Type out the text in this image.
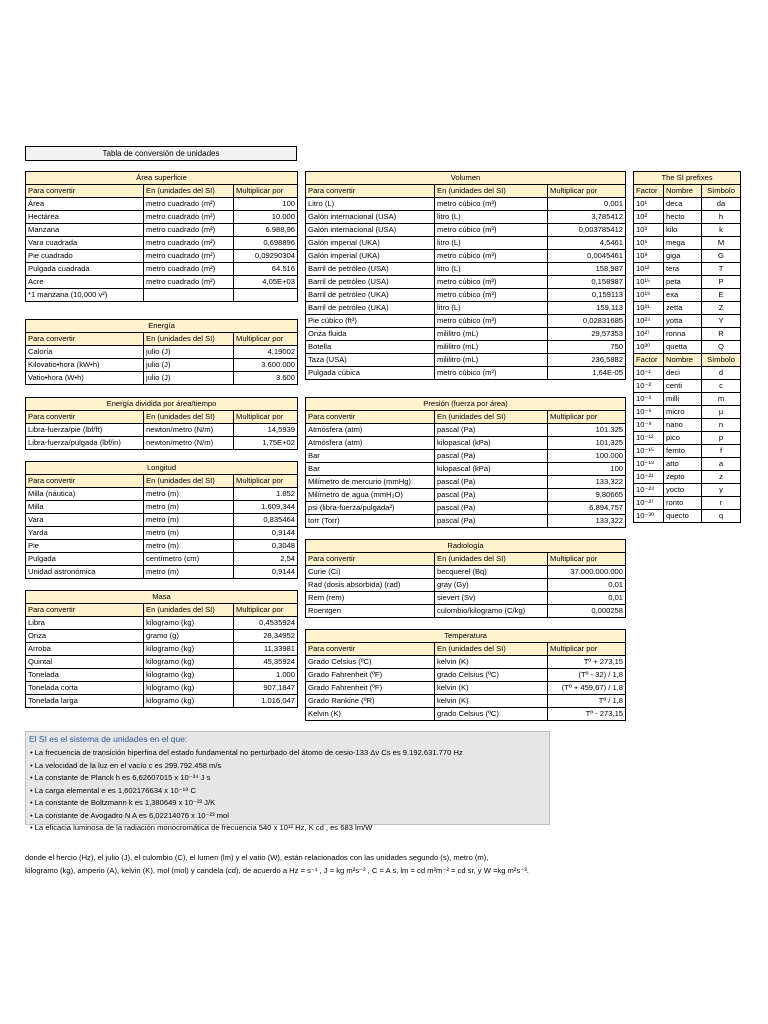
Tabla de conversión de unidades
Área superficie		
Para convertir	En (unidades del SI)	Multiplicar por
Área	metro cuadrado (m²)	100
Hectárea	metro cuadrado (m²)	10.000
Manzana	metro cuadrado (m²)	6.988,96
Vara cuadrada	metro cuadrado (m²)	0,698896
Pie cuadrado	metro cuadrado (m²)	0,09290304
Pulgada cuadrada	metro cuadrado (m²)	64.516
Acre	metro cuadrado (m²)	4,05E+03
*1 manzana (10.000 v²)		
Energía		
Para convertir	En (unidades del SI)	Multiplicar por
Caloría	julio (J)	4,19002
Kilovatio•hora (kW•h)	julio (J)	3.600.000
Vatio•hora (W•h)	julio (J)	3.600
Energía dividida por área/tiempo		
Para convertir	En (unidades del SI)	Multiplicar por
Libra-fuerza/pie (lbf/ft)	newton/metro (N/m)	14,5939
Libra-fuerza/pulgada (lbf/in)	newton/metro (N/m)	1,75E+02
Longitud		
Para convertir	En (unidades del SI)	Multiplicar por
Milla (náutica)	metro (m)	1.852
Milla	metro (m)	1.609,344
Vara	metro (m)	0,835464
Yarda	metro (m)	0,9144
Pie	metro (m)	0,3048
Pulgada	centímetro (cm)	2,54
Unidad astronómica	metro (m)	0,9144
Masa		
Para convertir	En (unidades del SI)	Multiplicar por
Libra	kilogramo (kg)	0,4535924
Onza	gramo (g)	28,34952
Arroba	kilogramo (kg)	11,33981
Quintal	kilogramo (kg)	45,35924
Tonelada	kilogramo (kg)	1.000
Tonelada corta	kilogramo (kg)	907,1847
Tonelada larga	kilogramo (kg)	1.016,047
Volumen		
Para convertir	En (unidades del SI)	Multiplicar por
Litro (L)	metro cúbico (m³)	0,001
Galón internacional (USA)	litro (L)	3,785412
Galón internacional (USA)	metro cúbico (m³)	0,003785412
Galón imperial (UKA)	litro (L)	4,5461
Galón imperial (UKA)	metro cúbico (m³)	0,0045461
Barril de petróleo (USA)	litro (L)	158,987
Barril de petróleo (USA)	metro cúbico (m³)	0,158987
Barril de petróleo (UKA)	metro cúbico (m³)	0,159113
Barril de petróleo (UKA)	litro (L)	159,113
Pie cúbico (ft³)	metro cúbico (m³)	0,02831685
Onza fluida	mililitro (mL)	29,57353
Botella	mililitro (mL)	750
Taza (USA)	mililitro (mL)	236,5882
Pulgada cúbica	metro cúbico (m³)	1,64E-05
Presión (fuerza por área)		
Para convertir	En (unidades del SI)	Multiplicar por
Atmósfera (atm)	pascal (Pa)	101.325
Atmósfera (atm)	kilopascal (kPa)	101,325
Bar	pascal (Pa)	100.000
Bar	kilopascal (kPa)	100
Milímetro de mercurio (mmHg)	pascal (Pa)	133,322
Milímetro de agua (mmH₂O)	pascal (Pa)	9,80665
psi (libra-fuerza/pulgada²)	pascal (Pa)	6.894,757
torr (Torr)	pascal (Pa)	133,322
Radiología		
Para convertir	En (unidades del SI)	Multiplicar por
Curie (Ci)	becquerel (Bq)	37.000.000.000
Rad (dosis absorbida) (rad)	gray (Gy)	0,01
Rem (rem)	sievert (Sv)	0,01
Roentgen	culombio/kilogramo (C/kg)	0,000258
Temperatura		
Para convertir	En (unidades del SI)	Multiplicar por
Grado Celsius (ºC)	kelvin (K)	Tº + 273,15
Grado Fahrenheit (ºF)	grado Celsius (ºC)	(Tº - 32) / 1,8
Grado Fahrenheit (ºF)	kelvin (K)	(Tº + 459,67) / 1,8
Grado Rankine (ºR)	kelvin (K)	Tº / 1,8
Kelvin (K)	grado Celsius (ºC)	Tº - 273,15
The SI prefixes		
Factor	Nombre	Símbolo
10¹	deca	da
10²	hecto	h
10³	kilo	k
10⁶	mega	M
10⁹	giga	G
10¹²	tera	T
10¹⁵	peta	P
10¹⁸	exa	E
10²¹	zetta	Z
10²⁴	yotta	Y
10²⁷	ronna	R
10³⁰	quetta	Q
Factor	Nombre	Símbolo
10⁻¹	deci	d
10⁻²	centi	c
10⁻³	milli	m
10⁻⁶	micro	µ
10⁻⁹	nano	n
10⁻¹²	pico	p
10⁻¹⁵	femto	f
10⁻¹⁸	atto	a
10⁻²¹	zepto	z
10⁻²⁴	yocto	y
10⁻²⁷	ronto	r
10⁻³⁰	quecto	q
El SI es el sistema de unidades en el que:
• La frecuencia de transición hiperfina del estado fundamental no perturbado del átomo de cesio-133 Δv Cs es 9.192.631.770 Hz
• La velocidad de la luz en el vacío c es 299.792.458 m/s
• La constante de Planck h es 6,62607015 x 10⁻³⁴ J s
• La carga elemental e es 1,602176634 x 10⁻¹⁹ C
• La constante de Boltzmann k es 1,380649 x 10⁻²³ J/K
• La constante de Avogadro N A es 6,02214076 x 10⁻²³ mol
• La eficacia luminosa de la radiación monocromática de frecuencia 540 x 10¹² Hz, K cd , es 683 lm/W
donde el hercio (Hz), el julio (J), el culombio (C), el lumen (lm) y el vatio (W), están relacionados con las unidades segundo (s), metro (m),
kilogramo (kg), amperio (A), kelvin (K), mol (mol) y candela (cd), de acuerdo a Hz = s⁻¹ , J = kg m²s⁻² , C = A s, lm = cd m²m⁻² = cd sr, y W =kg m²s⁻³.
